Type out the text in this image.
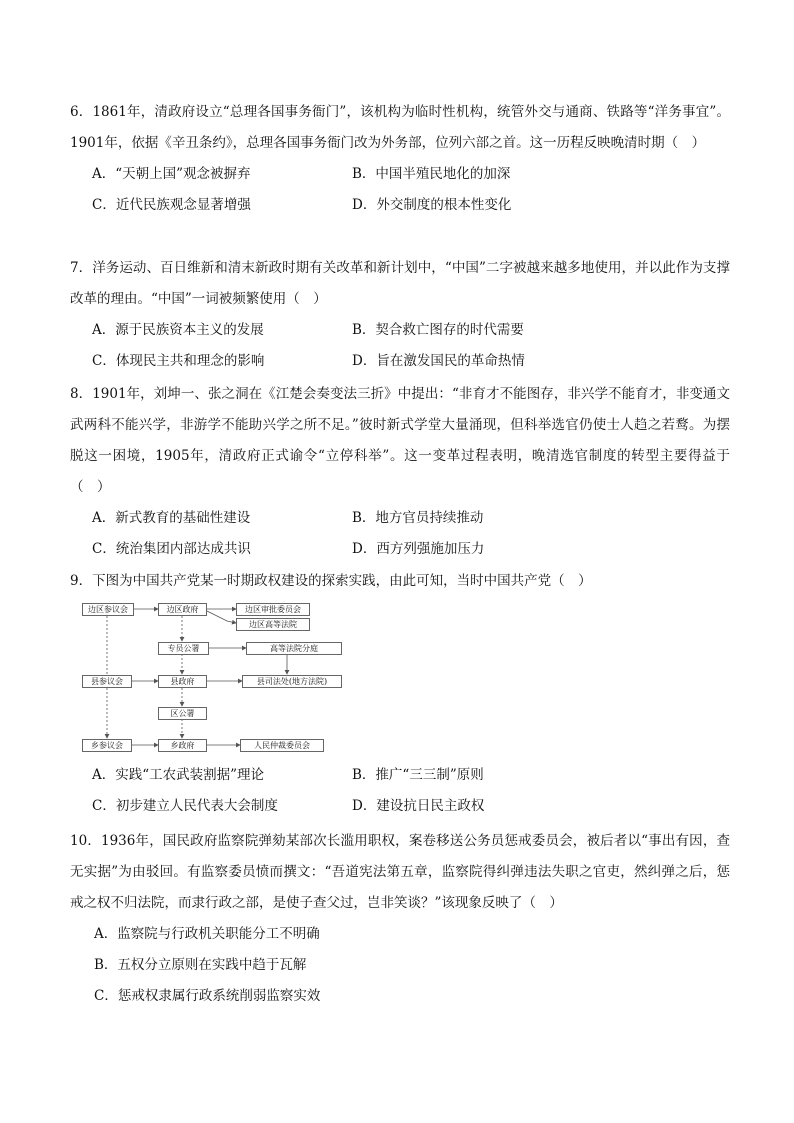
6．1861年，清政府设立“总理各国事务衙门”，该机构为临时性机构，统管外交与通商、铁路等“洋务事宜”。1901年，依据《辛丑条约》，总理各国事务衙门改为外务部，位列六部之首。这一历程反映晚清时期（　）

A．“天朝上国”观念被摒弃	B．中国半殖民地化的加深
C．近代民族观念显著增强	D．外交制度的根本性变化

7．洋务运动、百日维新和清末新政时期有关改革和新计划中，“中国”二字被越来越多地使用，并以此作为支撑改革的理由。“中国”一词被频繁使用（　）

A．源于民族资本主义的发展	B．契合救亡图存的时代需要
C．体现民主共和理念的影响	D．旨在激发国民的革命热情

8．1901年，刘坤一、张之洞在《江楚会奏变法三折》中提出：“非育才不能图存，非兴学不能育才，非变通文武两科不能兴学，非游学不能助兴学之所不足。”彼时新式学堂大量涌现，但科举选官仍使士人趋之若鹜。为摆脱这一困境，1905年，清政府正式谕令“立停科举”。这一变革过程表明，晚清选官制度的转型主要得益于（　）

A．新式教育的基础性建设	B．地方官员持续推动
C．统治集团内部达成共识	D．西方列强施加压力

9．下图为中国共产党某一时期政权建设的探索实践，由此可知，当时中国共产党（　）

边区参议会	边区政府	边区审批委员会
边区高等法院
专员公署	高等法院分庭
县参议会	县政府	县司法处(地方法院)
区公署
乡参议会	乡政府	人民仲裁委员会
A．实践“工农武装割据”理论	B．推广“三三制”原则
C．初步建立人民代表大会制度	D．建设抗日民主政权

10．1936年，国民政府监察院弹劾某部次长滥用职权，案卷移送公务员惩戒委员会，被后者以“事出有因，查无实据”为由驳回。有监察委员愤而撰文：“吾道宪法第五章，监察院得纠弹违法失职之官吏，然纠弹之后，惩戒之权不归法院，而隶行政之部，是使子查父过，岂非笑谈？”该现象反映了（　）

A．监察院与行政机关职能分工不明确
B．五权分立原则在实践中趋于瓦解
C．惩戒权隶属行政系统削弱监察实效
